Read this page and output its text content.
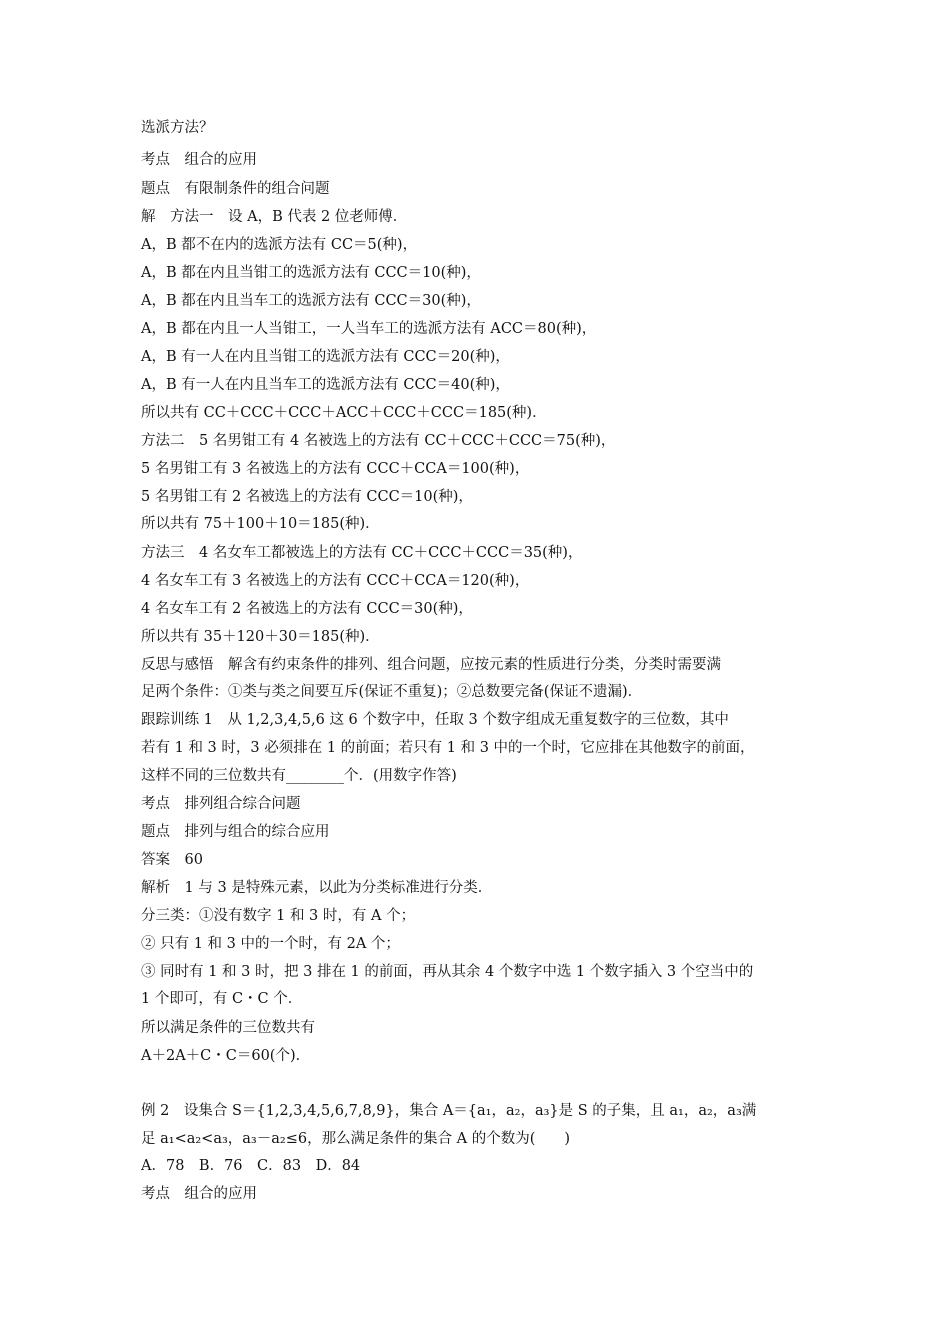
选派方法？
考点　组合的应用
题点　有限制条件的组合问题
解　方法一　设 A，B 代表 2 位老师傅．
A，B 都不在内的选派方法有 CC＝5(种)，
A，B 都在内且当钳工的选派方法有 CCC＝10(种)，
A，B 都在内且当车工的选派方法有 CCC＝30(种)，
A，B 都在内且一人当钳工，一人当车工的选派方法有 ACC＝80(种)，
A，B 有一人在内且当钳工的选派方法有 CCC＝20(种)，
A，B 有一人在内且当车工的选派方法有 CCC＝40(种)，
所以共有 CC＋CCC＋CCC＋ACC＋CCC＋CCC＝185(种)．
方法二　5 名男钳工有 4 名被选上的方法有 CC＋CCC＋CCC＝75(种)，
5 名男钳工有 3 名被选上的方法有 CCC＋CCA＝100(种)，
5 名男钳工有 2 名被选上的方法有 CCC＝10(种)，
所以共有 75＋100＋10＝185(种)．
方法三　4 名女车工都被选上的方法有 CC＋CCC＋CCC＝35(种)，
4 名女车工有 3 名被选上的方法有 CCC＋CCA＝120(种)，
4 名女车工有 2 名被选上的方法有 CCC＝30(种)，
所以共有 35＋120＋30＝185(种)．
反思与感悟　解含有约束条件的排列、组合问题，应按元素的性质进行分类，分类时需要满
足两个条件：①类与类之间要互斥(保证不重复)；②总数要完备(保证不遗漏)．
跟踪训练 1　从 1,2,3,4,5,6 这 6 个数字中，任取 3 个数字组成无重复数字的三位数，其中
若有 1 和 3 时，3 必须排在 1 的前面；若只有 1 和 3 中的一个时，它应排在其他数字的前面，
这样不同的三位数共有________个．(用数字作答)
考点　排列组合综合问题
题点　排列与组合的综合应用
答案　60
解析　1 与 3 是特殊元素，以此为分类标准进行分类．
分三类：①没有数字 1 和 3 时，有 A 个；
② 只有 1 和 3 中的一个时，有 2A 个；
③ 同时有 1 和 3 时，把 3 排在 1 的前面，再从其余 4 个数字中选 1 个数字插入 3 个空当中的
1 个即可，有 C・C 个．
所以满足条件的三位数共有
A＋2A＋C・C＝60(个)．
例 2　设集合 S＝{1,2,3,4,5,6,7,8,9}，集合 A＝{a₁，a₂，a₃}是 S 的子集，且 a₁，a₂，a₃满
足 a₁<a₂<a₃，a₃－a₂≤6，那么满足条件的集合 A 的个数为(　　)
A．78　B．76　C．83　D．84
考点　组合的应用
